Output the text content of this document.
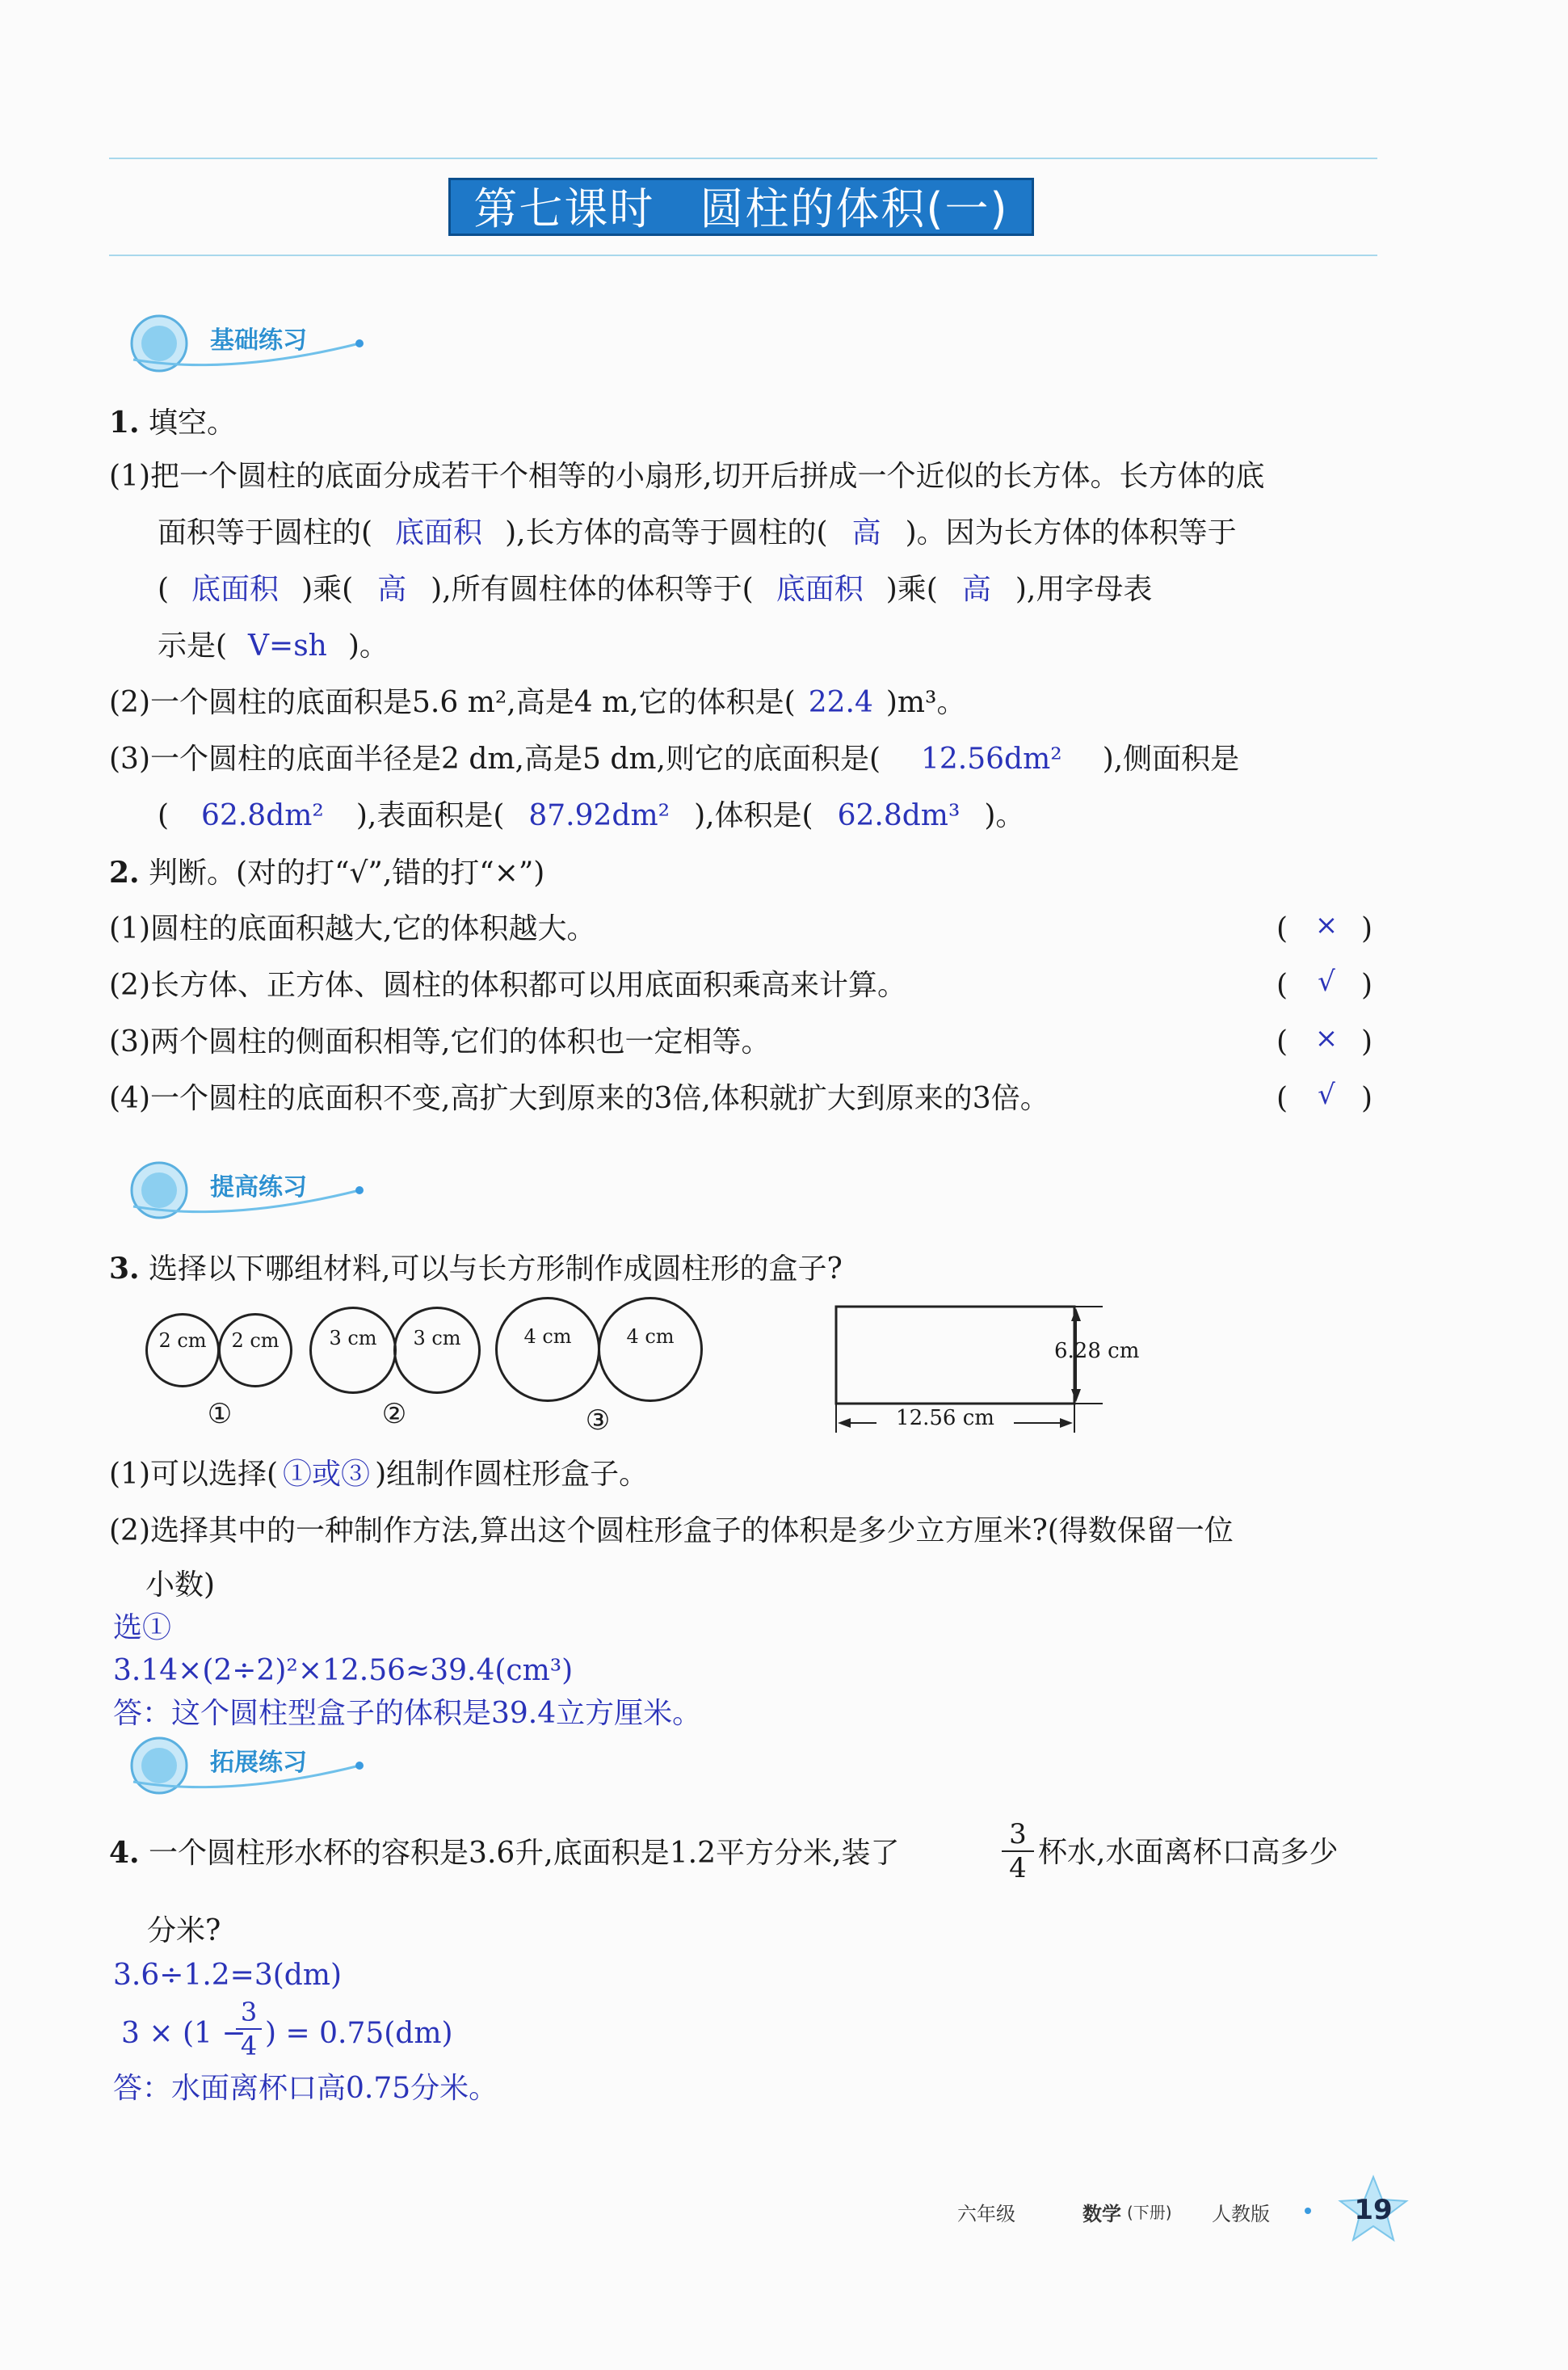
第七课时　圆柱的体积(一)
基础练习
1. 填空。
(1)把一个圆柱的底面分成若干个相等的小扇形,切开后拼成一个近似的长方体。长方体的底
面积等于圆柱的( 底面积 ),长方体的高等于圆柱的( 高 )。因为长方体的体积等于
( 底面积 )乘( 高 ),所有圆柱体的体积等于( 底面积 )乘( 高 ),用字母表
示是( V=sh )。
(2)一个圆柱的底面积是5.6 m²,高是4 m,它的体积是( 22.4 )m³。
(3)一个圆柱的底面半径是2 dm,高是5 dm,则它的底面积是( 12.56dm² ),侧面积是
( 62.8dm² ),表面积是( 87.92dm² ),体积是( 62.8dm³ )。
2. 判断。(对的打“√”,错的打“×”)
(1)圆柱的底面积越大,它的体积越大。	( × )
(2)长方体、正方体、圆柱的体积都可以用底面积乘高来计算。	(	√ )
(3)两个圆柱的侧面积相等,它们的体积也一定相等。	( × )
(4)一个圆柱的底面积不变,高扩大到原来的3倍,体积就扩大到原来的3倍。	(	√ )
提高练习
3. 选择以下哪组材料,可以与长方形制作成圆柱形的盒子?
2 cm	2 cm
①
3 cm	3 cm
②
4 cm	4 cm
③
6.28 cm
12.56 cm
(1)可以选择( ①或③ )组制作圆柱形盒子。
(2)选择其中的一种制作方法,算出这个圆柱形盒子的体积是多少立方厘米?(得数保留一位
小数)
选①
3.14×(2÷2)²×12.56≈39.4(cm³)
答：这个圆柱型盒子的体积是39.4立方厘米。
拓展练习
4. 一个圆柱形水杯的容积是3.6升,底面积是1.2平方分米,装了	$\frac{3}{4}$ 杯水,水面离杯口高多少
分米?
3.6÷1.2=3(dm)
3 × (1 −
$\frac{3}{4}$ ) = 0.75(dm)
答：水面离杯口高0.75分米。
六年级	数学 (下册) 人教版	19
